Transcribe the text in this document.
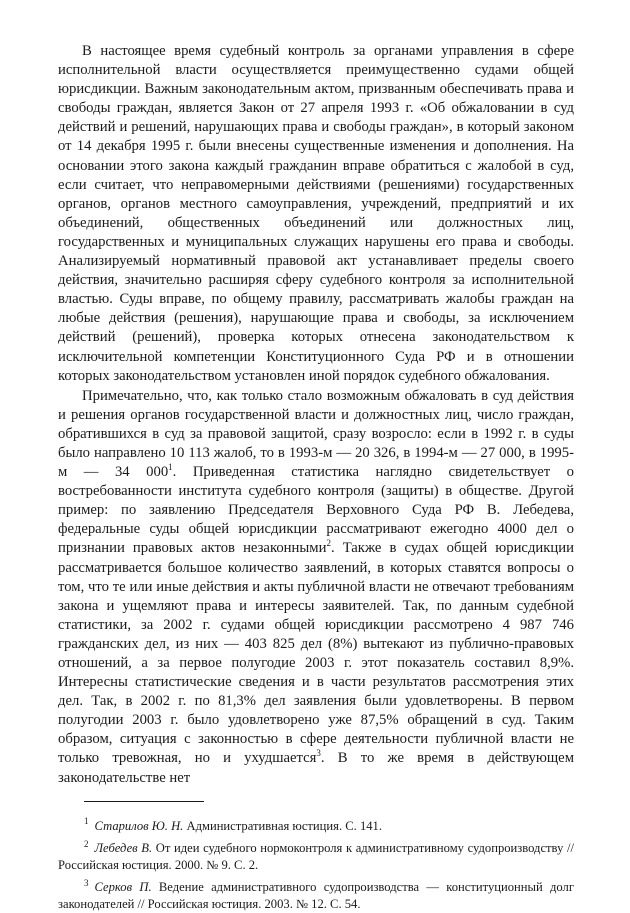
В настоящее время судебный контроль за органами управления в сфере исполнительной власти осуществляется преимущественно судами общей юрисдикции. Важным законодательным актом, призванным обеспечивать права и свободы граждан, является Закон от 27 апреля 1993 г. «Об обжаловании в суд действий и решений, нарушающих права и свободы граждан», в который законом от 14 декабря 1995 г. были внесены существенные изменения и дополнения. На основании этого закона каждый гражданин вправе обратиться с жалобой в суд, если считает, что неправомерными действиями (решениями) государственных органов, органов местного самоуправления, учреждений, предприятий и их объединений, общественных объединений или должностных лиц, государственных и муниципальных служащих нарушены его права и свободы. Анализируемый нормативный правовой акт устанавливает пределы своего действия, значительно расширяя сферу судебного контроля за исполнительной властью. Суды вправе, по общему правилу, рассматривать жалобы граждан на любые действия (решения), нарушающие права и свободы, за исключением действий (решений), проверка которых отнесена законодательством к исключительной компетенции Конституционного Суда РФ и в отношении которых законодательством установлен иной порядок судебного обжалования.

Примечательно, что, как только стало возможным обжаловать в суд действия и решения органов государственной власти и должностных лиц, число граждан, обратившихся в суд за правовой защитой, сразу возросло: если в 1992 г. в суды было направлено 10 113 жалоб, то в 1993-м — 20 326, в 1994-м — 27 000, в 1995-м — 34 $000^1$. Приведенная статистика наглядно свидетельствует о востребованности института судебного контроля (защиты) в обществе. Другой пример: по заявлению Председателя Верховного Суда РФ В. Лебедева, федеральные суды общей юрисдикции рассматривают ежегодно 4000 дел о признании правовых актов незаконными$^2$. Также в судах общей юрисдикции рассматривается большое количество заявлений, в которых ставятся вопросы о том, что те или иные действия и акты публичной власти не отвечают требованиям закона и ущемляют права и интересы заявителей. Так, по данным судебной статистики, за 2002 г. судами общей юрисдикции рассмотрено 4 987 746 гражданских дел, из них — 403 825 дел (8%) вытекают из публично-правовых отношений, а за первое полугодие 2003 г. этот показатель составил 8,9%. Интересны статистические сведения и в части результатов рассмотрения этих дел. Так, в 2002 г. по 81,3% дел заявления были удовлетворены. В первом полугодии 2003 г. было удовлетворено уже 87,5% обращений в суд. Таким образом, ситуация с законностью в сфере деятельности публичной власти не только тревожная, но и ухудшается$^3$. В то же время в действующем законодательстве нет

$^1$ Старилов Ю. Н. Административная юстиция. С. 141.

$^2$ Лебедев В. От идеи судебного нормоконтроля к административному судопроизводству // Российская юстиция. 2000. № 9. С. 2.

$^3$ Серков П. Ведение административного судопроизводства — конституционный долг законодателей // Российская юстиция. 2003. № 12. С. 54.
